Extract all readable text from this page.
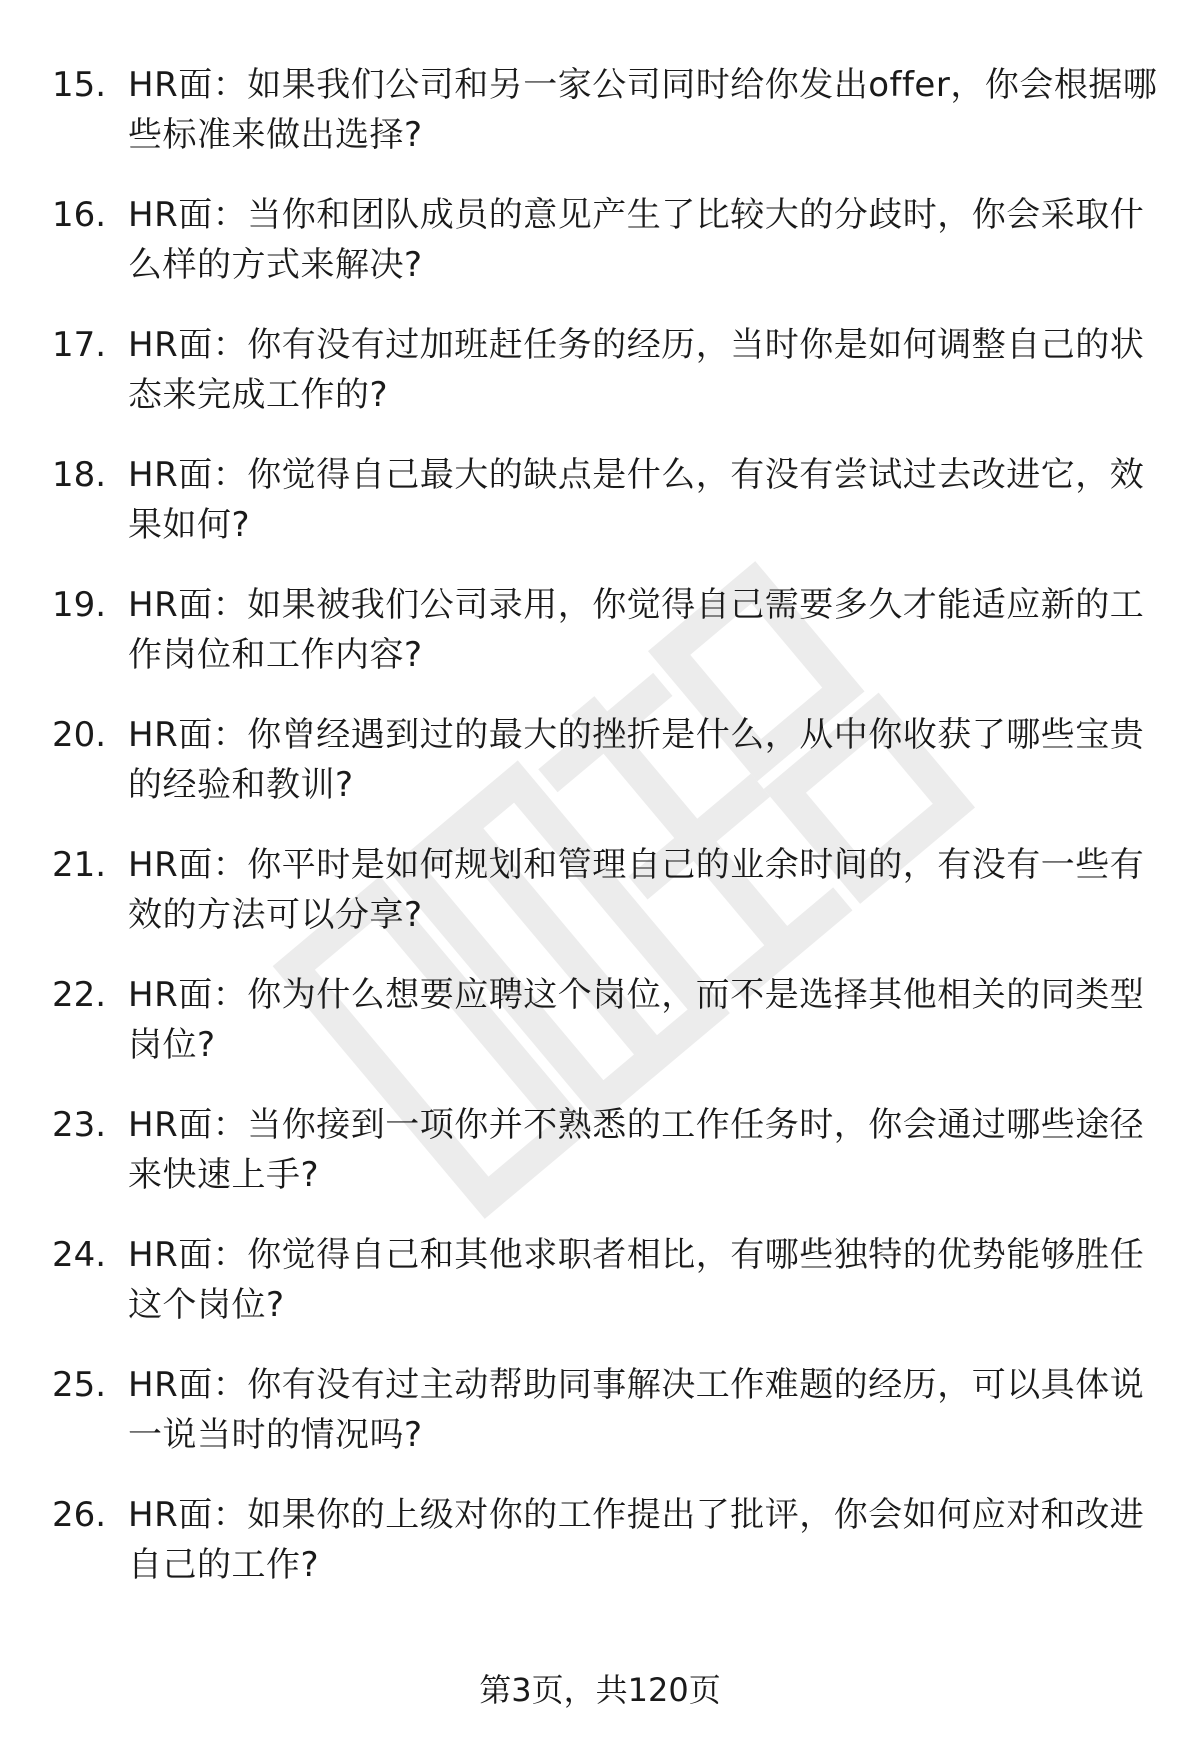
15. HR面：如果我们公司和另一家公司同时给你发出offer，你会根据哪些标准来做出选择?
16. HR面：当你和团队成员的意见产生了比较大的分歧时，你会采取什么样的方式来解决?
17. HR面：你有没有过加班赶任务的经历，当时你是如何调整自己的状态来完成工作的?
18. HR面：你觉得自己最大的缺点是什么，有没有尝试过去改进它，效果如何?
19. HR面：如果被我们公司录用，你觉得自己需要多久才能适应新的工作岗位和工作内容?
20. HR面：你曾经遇到过的最大的挫折是什么，从中你收获了哪些宝贵的经验和教训?
21. HR面：你平时是如何规划和管理自己的业余时间的，有没有一些有效的方法可以分享?
22. HR面：你为什么想要应聘这个岗位，而不是选择其他相关的同类型岗位?
23. HR面：当你接到一项你并不熟悉的工作任务时，你会通过哪些途径来快速上手?
24. HR面：你觉得自己和其他求职者相比，有哪些独特的优势能够胜任这个岗位?
25. HR面：你有没有过主动帮助同事解决工作难题的经历，可以具体说一说当时的情况吗?
26. HR面：如果你的上级对你的工作提出了批评，你会如何应对和改进自己的工作?
第3页，共120页
